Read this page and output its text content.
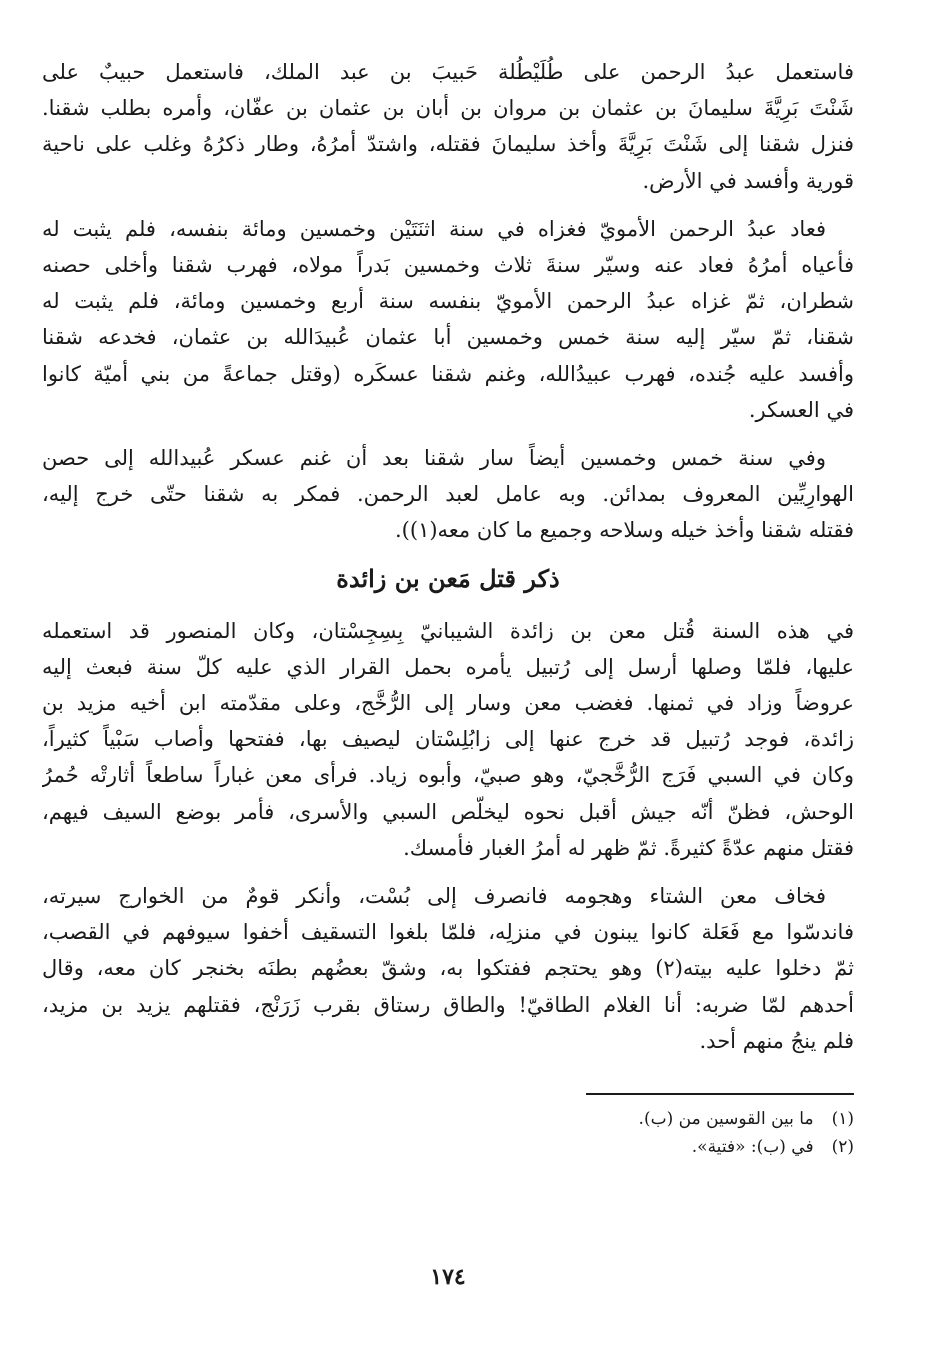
فاستعمل عبدُ الرحمن على طُلَيْطُلة حَبيبَ بن عبد الملك، فاستعمل حبيبٌ على
شَنْتَ بَرِيَّةَ سليمانَ بن عثمان بن مروان بن أبان بن عثمان بن عفّان، وأمره بطلب شقنا.
فنزل شقنا إلى شَنْتَ بَرِيَّةَ وأخذ سليمانَ فقتله، واشتدّ أمرُهُ، وطار ذكرُهُ وغلب على ناحية
قورية وأفسد في الأرض.

فعاد عبدُ الرحمن الأمويّ فغزاه في سنة اثنَتَيْن وخمسين ومائة بنفسه، فلم يثبت له
فأعياه أمرُهُ فعاد عنه وسيّر سنةَ ثلاث وخمسين بَدراً مولاه، فهرب شقنا وأخلى حصنه
شطران، ثمّ غزاه عبدُ الرحمن الأمويّ بنفسه سنة أربع وخمسين ومائة، فلم يثبت له
شقنا، ثمّ سيّر إليه سنة خمس وخمسين أبا عثمان عُبيدَالله بن عثمان، فخدعه شقنا
وأفسد عليه جُنده، فهرب عبيدُالله، وغنم شقنا عسكَره (وقتل جماعةً من بني أميّة كانوا
في العسكر.

وفي سنة خمس وخمسين أيضاً سار شقنا بعد أن غنم عسكر عُبيدالله إلى حصن
الهوارِيِّين المعروف بمدائن. وبه عامل لعبد الرحمن. فمكر به شقنا حتّى خرج إليه،
فقتله شقنا وأخذ خيله وسلاحه وجميع ما كان معه(١)).

ذكر قتل مَعن بن زائدة

في هذه السنة قُتل معن بن زائدة الشيبانيّ بِسِجِسْتان، وكان المنصور قد استعمله
عليها، فلمّا وصلها أرسل إلى رُتبيل يأمره بحمل القرار الذي عليه كلّ سنة فبعث إليه
عروضاً وزاد في ثمنها. فغضب معن وسار إلى الرُّخَّج، وعلى مقدّمته ابن أخيه مزيد بن
زائدة، فوجد رُتبيل قد خرج عنها إلى زابُلِسْتان ليصيف بها، ففتحها وأصاب سَبْياً كثيراً،
وكان في السبي فَرَج الرُّخَّجيّ، وهو صبيّ، وأبوه زياد. فرأى معن غباراً ساطعاً أثارتْه حُمرُ
الوحش، فظنّ أنّه جيش أقبل نحوه ليخلّص السبي والأسرى، فأمر بوضع السيف فيهم،
فقتل منهم عدّةً كثيرةً. ثمّ ظهر له أمرُ الغبار فأمسك.

فخاف معن الشتاء وهجومه فانصرف إلى بُسْت، وأنكر قومٌ من الخوارج سيرته،
فاندسّوا مع فَعَلة كانوا يبنون في منزلِه، فلمّا بلغوا التسقيف أخفوا سيوفهم في القصب،
ثمّ دخلوا عليه بيته(٢) وهو يحتجم ففتكوا به، وشقّ بعضُهم بطنَه بخنجر كان معه، وقال
أحدهم لمّا ضربه: أنا الغلام الطاقيّ! والطاق رستاق بقرب زَرَنْج، فقتلهم يزيد بن مزيد،
فلم ينجُ منهم أحد.

(١)
ما بين القوسين من (ب).
(٢)
في (ب): «فتية».
١٧٤
